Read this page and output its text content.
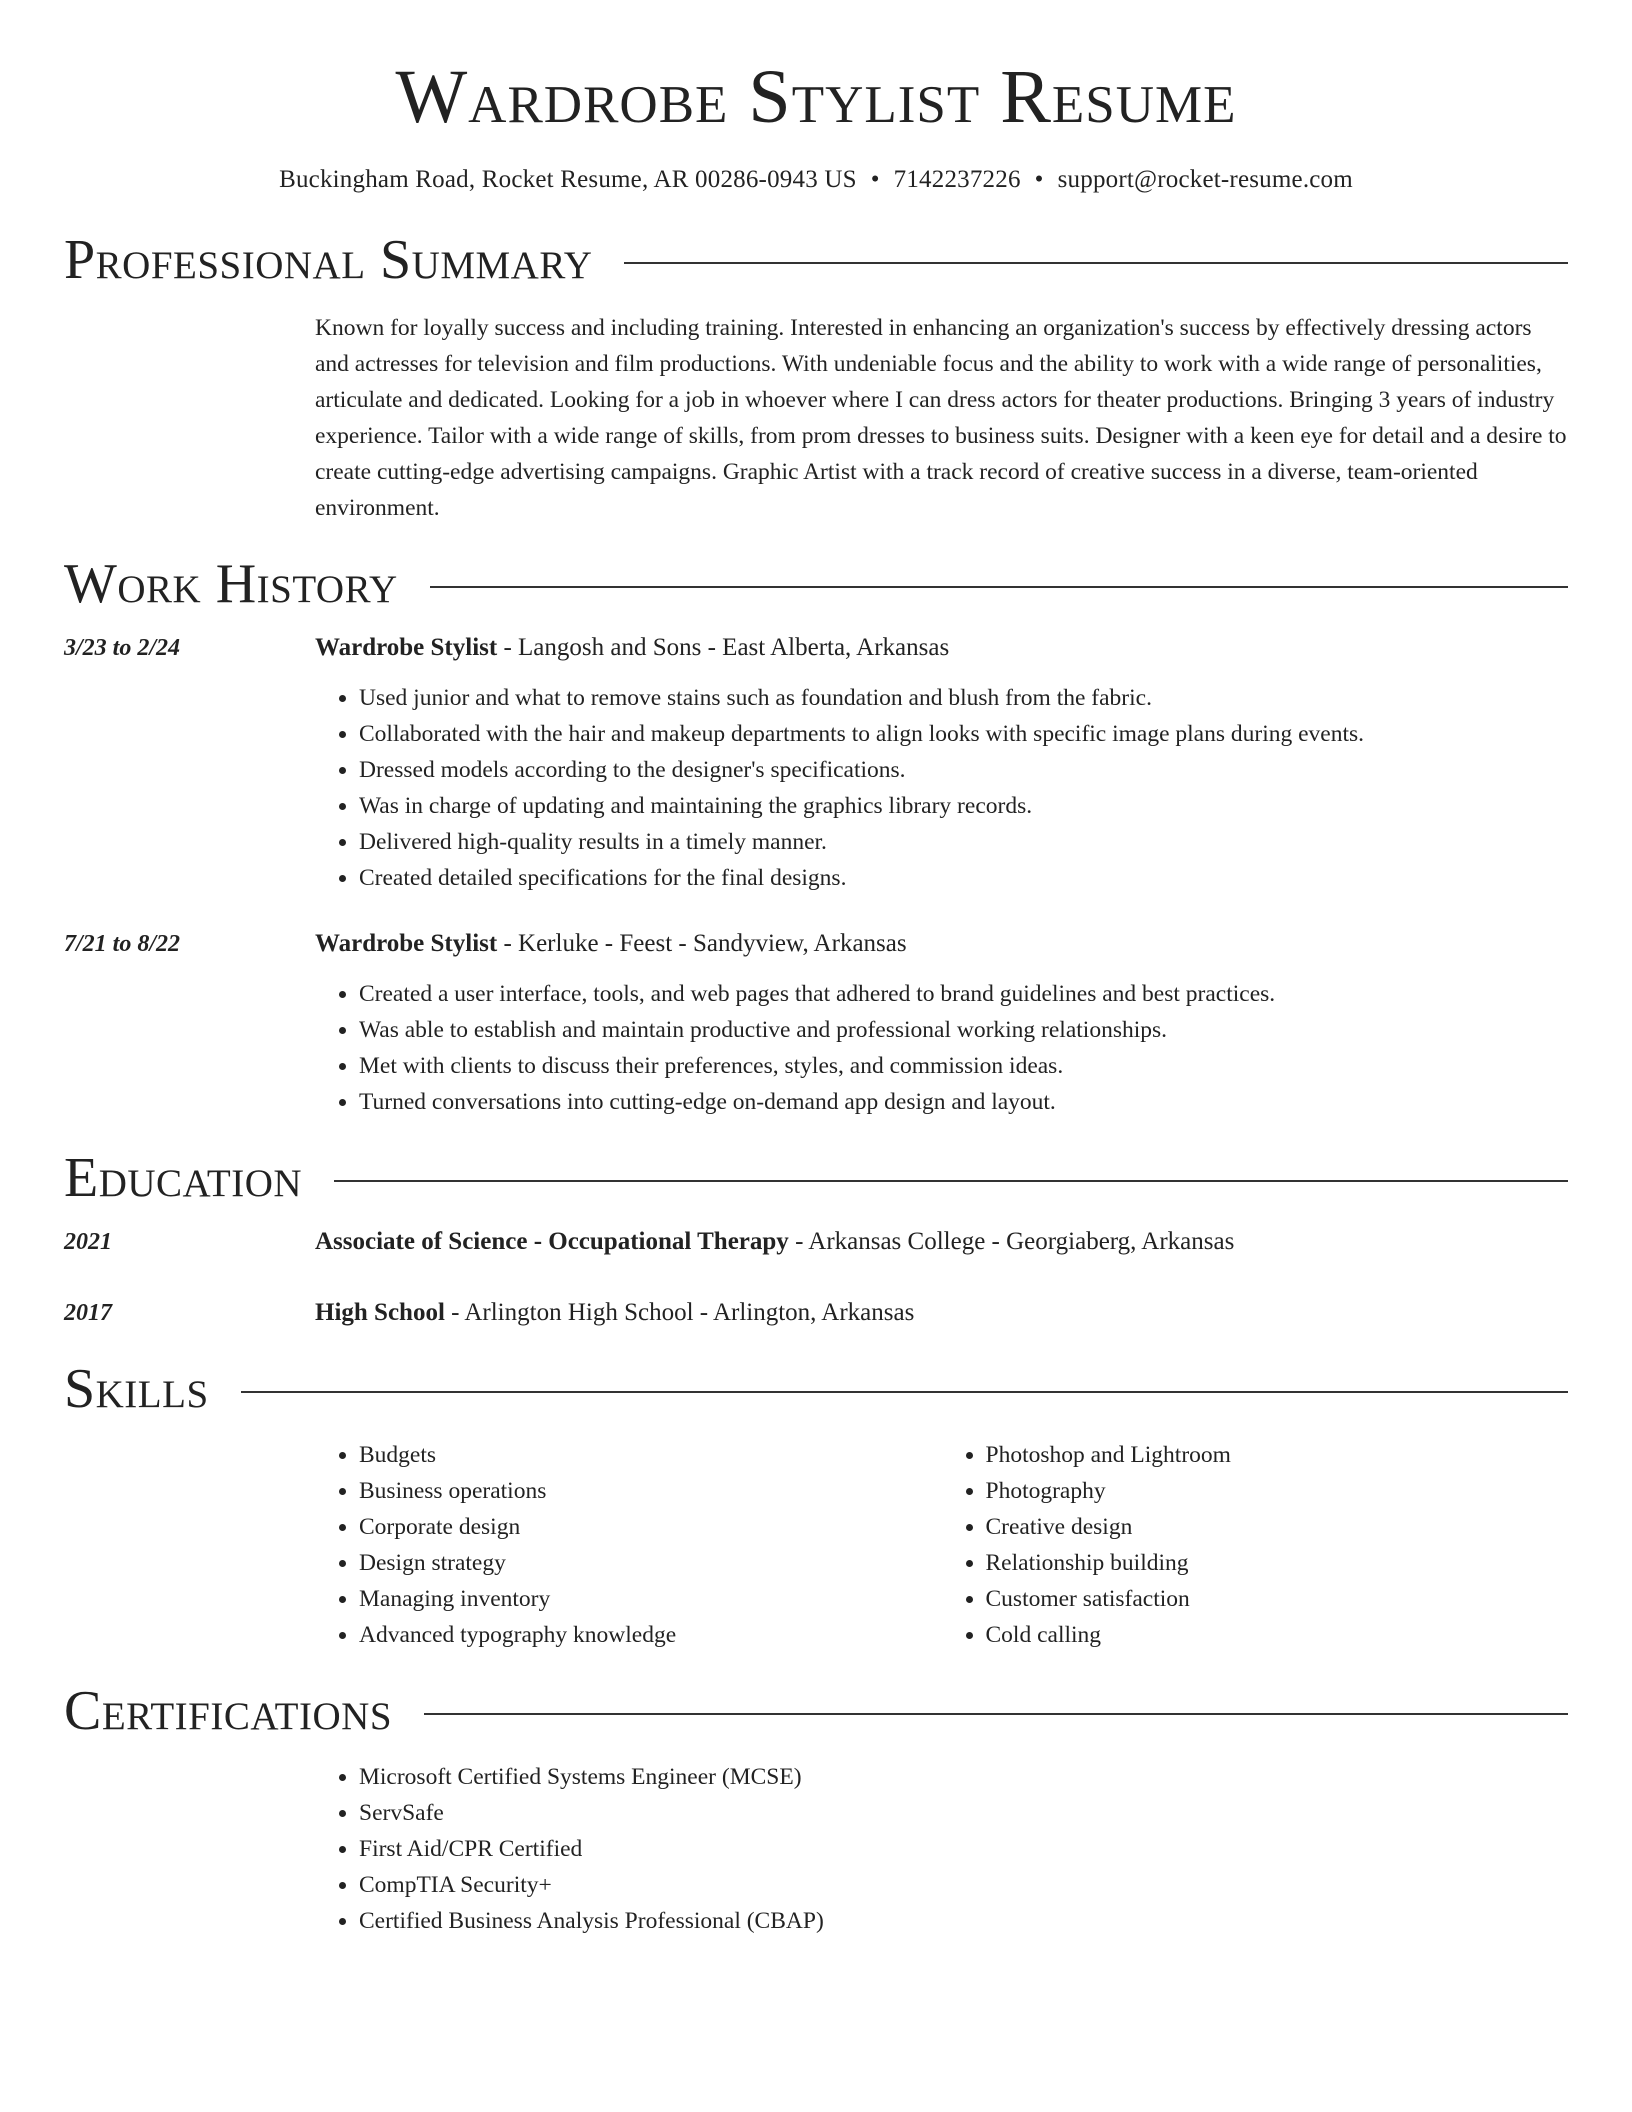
Wardrobe Stylist Resume
Buckingham Road, Rocket Resume, AR 00286-0943 US • 7142237226 • support@rocket-resume.com
Professional Summary
Known for loyally success and including training. Interested in enhancing an organization's success by effectively dressing actors and actresses for television and film productions. With undeniable focus and the ability to work with a wide range of personalities, articulate and dedicated. Looking for a job in whoever where I can dress actors for theater productions. Bringing 3 years of industry experience. Tailor with a wide range of skills, from prom dresses to business suits. Designer with a keen eye for detail and a desire to create cutting-edge advertising campaigns. Graphic Artist with a track record of creative success in a diverse, team-oriented environment.
Work History
3/23 to 2/24	Wardrobe Stylist - Langosh and Sons - East Alberta, Arkansas
• Used junior and what to remove stains such as foundation and blush from the fabric.
• Collaborated with the hair and makeup departments to align looks with specific image plans during events.
• Dressed models according to the designer's specifications.
• Was in charge of updating and maintaining the graphics library records.
• Delivered high-quality results in a timely manner.
• Created detailed specifications for the final designs.
7/21 to 8/22	Wardrobe Stylist - Kerluke - Feest - Sandyview, Arkansas
• Created a user interface, tools, and web pages that adhered to brand guidelines and best practices.
• Was able to establish and maintain productive and professional working relationships.
• Met with clients to discuss their preferences, styles, and commission ideas.
• Turned conversations into cutting-edge on-demand app design and layout.
Education
2021	Associate of Science - Occupational Therapy - Arkansas College - Georgiaberg, Arkansas
2017	High School - Arlington High School - Arlington, Arkansas
Skills
• Budgets
• Business operations
• Corporate design
• Design strategy
• Managing inventory
• Advanced typography knowledge
• Photoshop and Lightroom
• Photography
• Creative design
• Relationship building
• Customer satisfaction
• Cold calling
Certifications
• Microsoft Certified Systems Engineer (MCSE)
• ServSafe
• First Aid/CPR Certified
• CompTIA Security+
• Certified Business Analysis Professional (CBAP)
